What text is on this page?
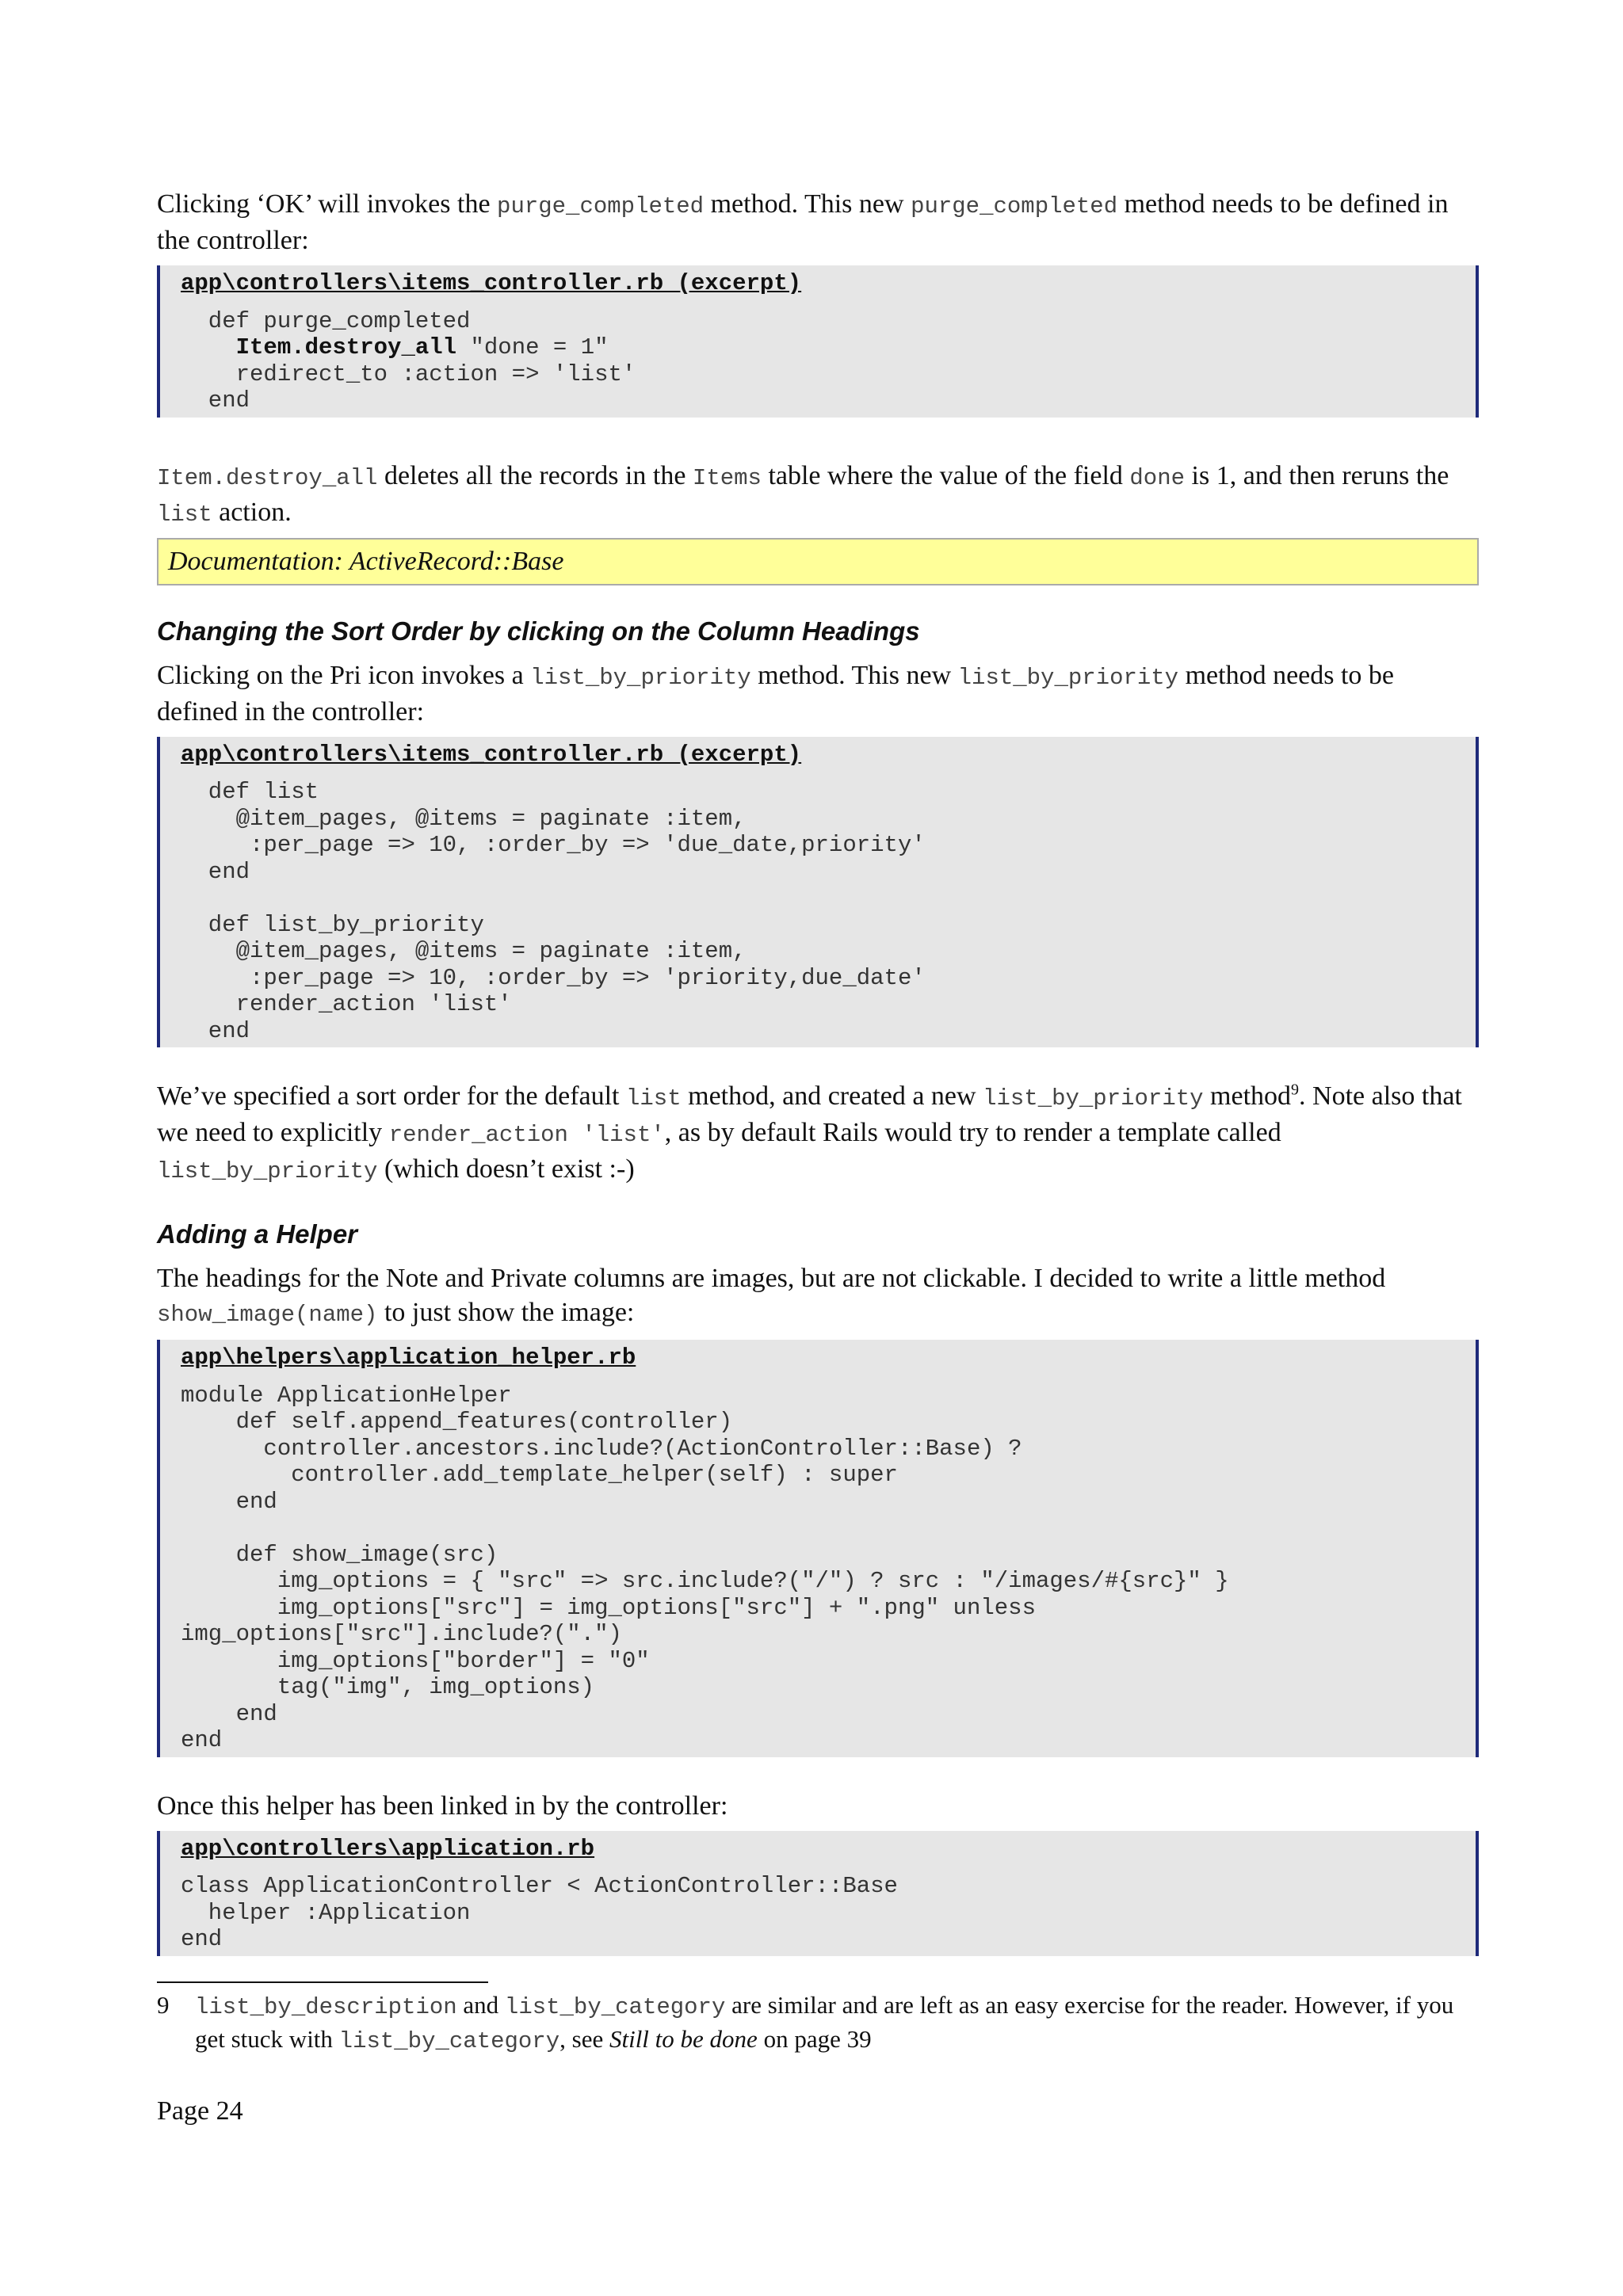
Clicking ‘OK’ will invokes the purge_completed method. This new purge_completed method needs to be defined in the controller:

app\controllers\items_controller.rb (excerpt)
def purge_completed
Item.destroy_all "done = 1"
redirect_to :action => 'list'
end

Item.destroy_all deletes all the records in the Items table where the value of the field done is 1, and then reruns the list action.

Documentation: ActiveRecord::Base
Changing the Sort Order by clicking on the Column Headings

Clicking on the Pri icon invokes a list_by_priority method. This new list_by_priority method needs to be defined in the controller:

app\controllers\items_controller.rb (excerpt)
def list
@item_pages, @items = paginate :item,
:per_page => 10, :order_by => 'due_date,priority'
end

def list_by_priority
@item_pages, @items = paginate :item,
:per_page => 10, :order_by => 'priority,due_date'
render_action 'list'
end

We’ve specified a sort order for the default list method, and created a new list_by_priority method$^9$. Note also that we need to explicitly render_action 'list', as by default Rails would try to render a template called list_by_priority (which doesn’t exist :-)

Adding a Helper

The headings for the Note and Private columns are images, but are not clickable. I decided to write a little method show_image(name) to just show the image:

app\helpers\application_helper.rb
module ApplicationHelper
def self.append_features(controller)
controller.ancestors.include?(ActionController::Base) ?
controller.add_template_helper(self) : super
end

def show_image(src)
img_options = { "src" => src.include?("/") ? src : "/images/#{src}" }
img_options["src"] = img_options["src"] + ".png" unless
img_options["src"].include?(".")
img_options["border"] = "0"
tag("img", img_options)
end
end

Once this helper has been linked in by the controller:

app\controllers\application.rb
class ApplicationController < ActionController::Base
helper :Application
end
9	list_by_description and list_by_category are similar and are left as an easy exercise for the reader. However, if you get stuck with list_by_category, see Still to be done on page 39
Page 24
